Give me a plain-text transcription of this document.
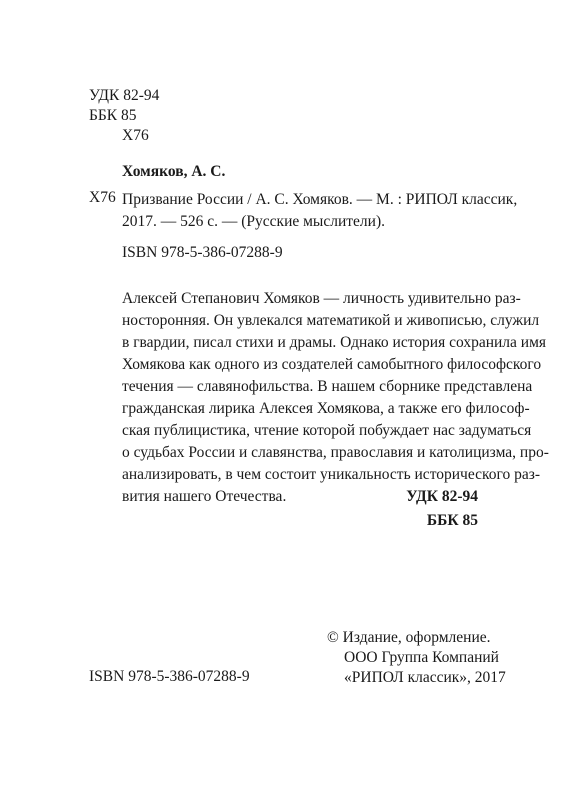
УДК 82-94
ББК 85
Х76
Хомяков, А. С.
Х76 Призвание России / А. С. Хомяков. — М. : РИПОЛ классик,
2017. — 526 с. — (Русские мыслители).
ISBN 978-5-386-07288-9
Алексей Степанович Хомяков — личность удивительно раз-
носторонняя. Он увлекался математикой и живописью, служил
в гвардии, писал стихи и драмы. Однако история сохранила имя
Хомякова как одного из создателей самобытного философского
течения — славянофильства. В нашем сборнике представлена
гражданская лирика Алексея Хомякова, а также его философ-
ская публицистика, чтение которой побуждает нас задуматься
о судьбах России и славянства, православия и католицизма, про-
анализировать, в чем состоит уникальность исторического раз-
вития нашего Отечества.	УДК 82-94
ББК 85
© Издание, оформление.
ООО Группа Компаний
«РИПОЛ классик», 2017
ISBN 978-5-386-07288-9
